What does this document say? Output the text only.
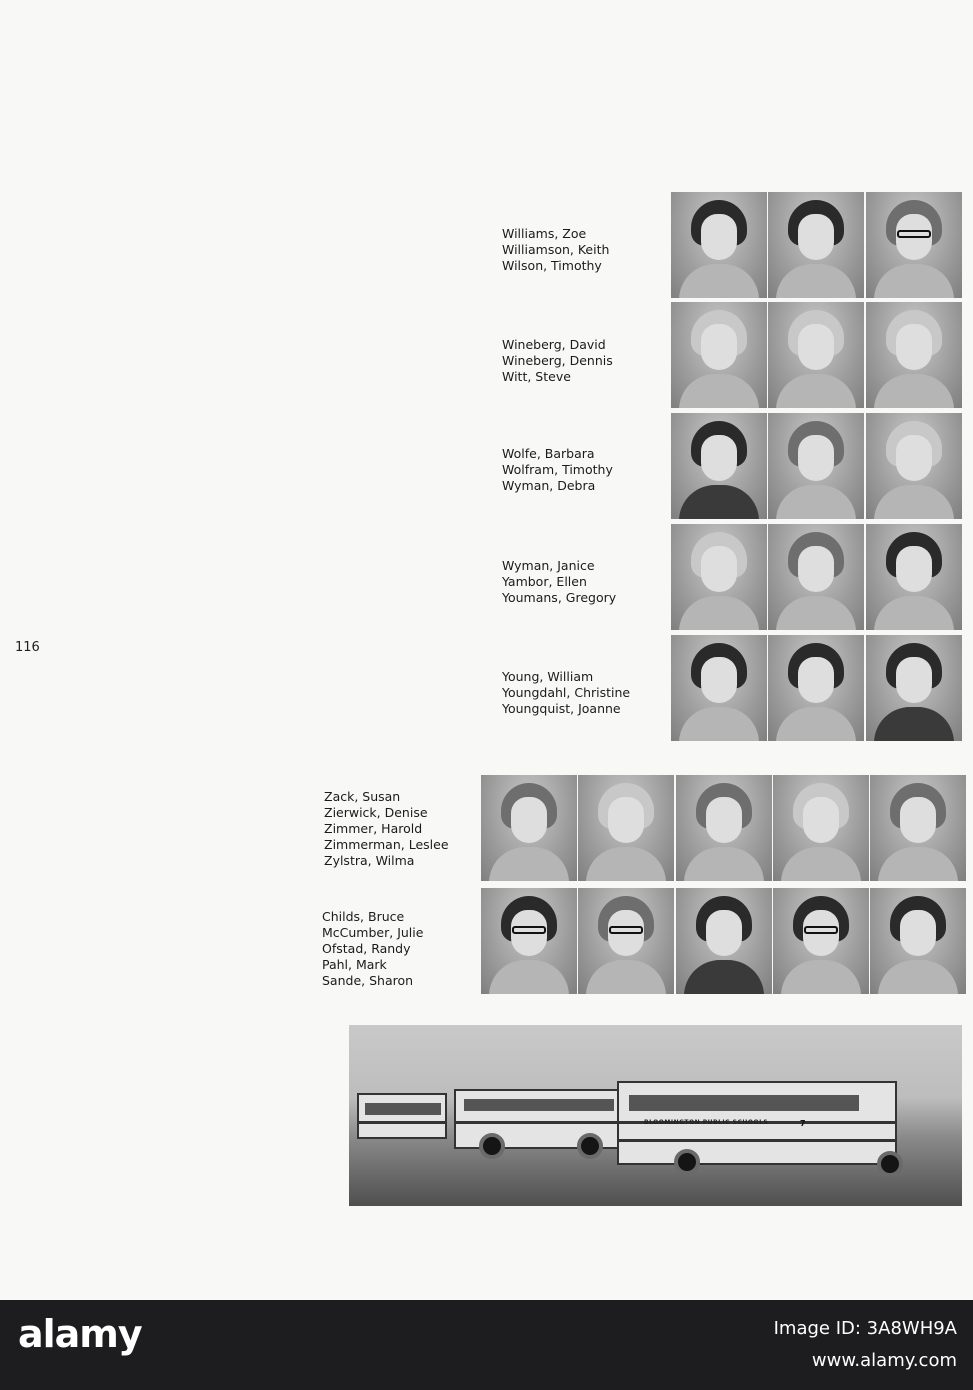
116
Williams, Zoe
Williamson, Keith
Wilson, Timothy
Wineberg, David
Wineberg, Dennis
Witt, Steve
Wolfe, Barbara
Wolfram, Timothy
Wyman, Debra
Wyman, Janice
Yambor, Ellen
Youmans, Gregory
Young, William
Youngdahl, Christine
Youngquist, Joanne
Zack, Susan
Zierwick, Denise
Zimmer, Harold
Zimmerman, Leslee
Zylstra, Wilma
Childs, Bruce
McCumber, Julie
Ofstad, Randy
Pahl, Mark
Sande, Sharon
BLOOMINGTON PUBLIC SCHOOLS	7
alamy	Image ID: 3A8WH9A
www.alamy.com
